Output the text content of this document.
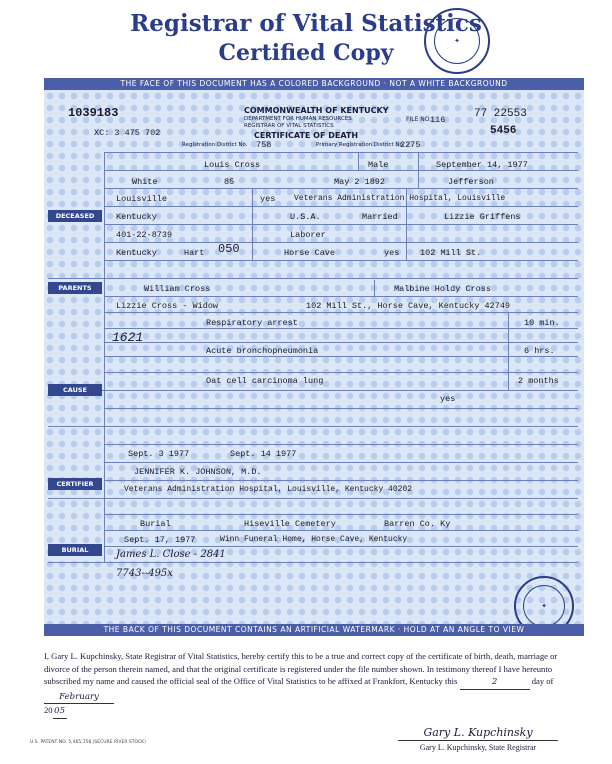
Registrar of Vital Statistics
Certified Copy	✦
THE FACE OF THIS DOCUMENT HAS A COLORED BACKGROUND · NOT A WHITE BACKGROUND
1039183
XC: 3 475 702
COMMONWEALTH OF KENTUCKY
DEPARTMENT FOR HUMAN RESOURCES
REGISTRAR OF VITAL STATISTICS
CERTIFICATE OF DEATH
FILE NO.
116	77 22553
5456
Registration District No. 758	Primary Registration District No.
2275
DECEASED
PARENTS
CAUSE
CERTIFIER
BURIAL
Louis Cross	Male	September 14, 1977
White	85	May 2 1892	Jefferson
Louisville	yes Veterans Administration Hospital, Louisville
Kentucky	U.S.A.	Married	Lizzie Griffens
401-22-8739	Laborer
Kentucky	Hart 050	Horse Cave	yes 102 Mill St.
William Cross	Malbine Holdy Cross
Lizzie Cross - Widow	102 Mill St., Horse Cave, Kentucky 42749
1621
Respiratory arrest	10 min.
Acute bronchopneumonia	6 hrs.
Oat cell carcinoma lung	2 months
yes
Sept. 3 1977	Sept. 14 1977
JENNIFER K. JOHNSON, M.D.
Veterans Administration Hospital, Louisville, Kentucky 40202
Burial	Hiseville Cemetery	Barren Co. Ky
Sept. 17, 1977	Winn Funeral Home, Horse Cave, Kentucky
James L. Close - 2841
7743--495x
✦
THE BACK OF THIS DOCUMENT CONTAINS AN ARTIFICIAL WATERMARK · HOLD AT AN ANGLE TO VIEW
I, Gary L. Kupchinsky, State Registrar of Vital Statistics, hereby certify this to be a true and correct copy of the certificate of birth, death, marriage or divorce of the person therein named, and that the original certificate is registered under the file number shown. In testimony thereof I have hereunto subscribed my name and caused the official seal of the Office of Vital Statistics to be affixed at Frankfort, Kentucky this	2	day of February
20 05
Gary L. Kupchinsky
Gary L. Kupchinsky, State Registrar
U.S. PATENT NO. 5,465,758 (SECURE RIVER STOCK)
